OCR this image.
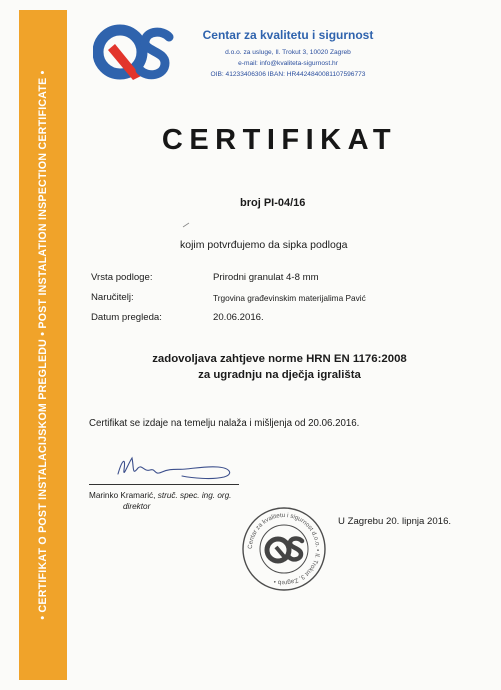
• CERTIFIKAT O POST INSTALACIJSKOM PREGLEDU • POST INSTALATION INSPECTION CERTIFICATE •
QS
Centar za kvalitetu i sigurnost
d.o.o. za usluge, Il. Trokut 3, 10020 Zagreb
e-mail: info@kvaliteta-sigurnost.hr
OIB: 41233406306 IBAN: HR4424840081107596773
CERTIFIKAT
broj PI-04/16
kojim potvrđujemo da sipka podloga
Vrsta podloge:	Prirodni granulat 4-8 mm
Naručitelj:	Trgovina građevinskim materijalima Pavić
Datum pregleda:	20.06.2016.
zadovoljava zahtjeve norme HRN EN 1176:2008
za ugradnju na dječja igrališta
Certifikat se izdaje na temelju nalaža i mišljenja od 20.06.2016.
Marinko Kramarić, struč. spec. ing. org.
direktor
Centar za kvalitetu i sigurnost d.o.o. • Il. Trokut 3, Zagreb •
QS
U Zagrebu 20. lipnja 2016.
